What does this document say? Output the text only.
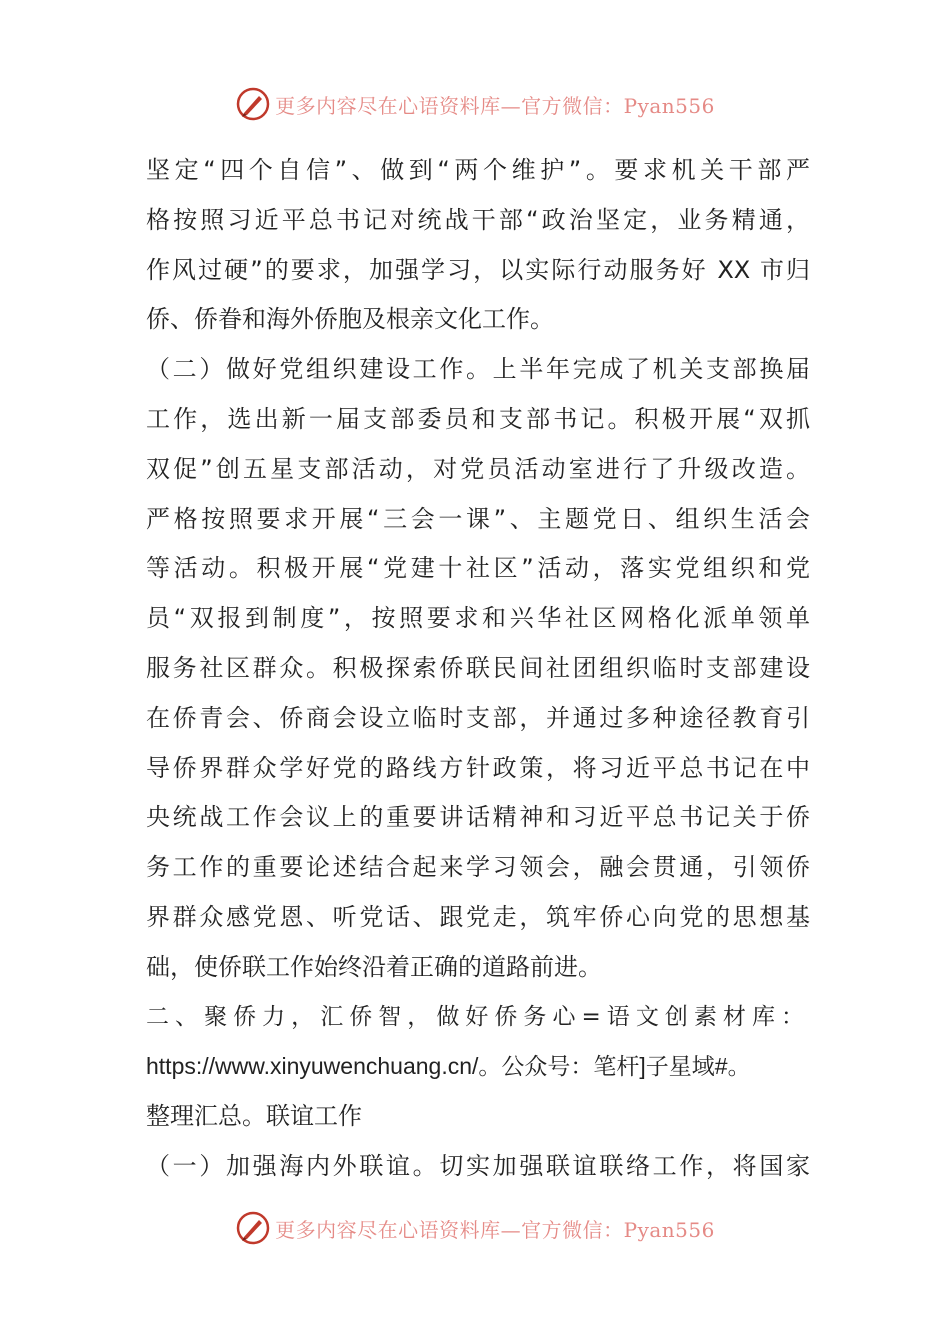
更多内容尽在心语资料库—官方微信：Pyan556
坚定“四个自信”、做到“两个维护”。要求机关干部严
格按照习近平总书记对统战干部“政治坚定，业务精通，
作风过硬”的要求，加强学习，以实际行动服务好 XX 市归
侨、侨眷和海外侨胞及根亲文化工作。
（二）做好党组织建设工作。上半年完成了机关支部换届
工作，选出新一届支部委员和支部书记。积极开展“双抓
双促”创五星支部活动，对党员活动室进行了升级改造。
严格按照要求开展“三会一课”、主题党日、组织生活会
等活动。积极开展“党建十社区”活动，落实党组织和党
员“双报到制度”，按照要求和兴华社区网格化派单领单
服务社区群众。积极探索侨联民间社团组织临时支部建设
在侨青会、侨商会设立临时支部，并通过多种途径教育引
导侨界群众学好党的路线方针政策，将习近平总书记在中
央统战工作会议上的重要讲话精神和习近平总书记关于侨
务工作的重要论述结合起来学习领会，融会贯通，引领侨
界群众感党恩、听党话、跟党走，筑牢侨心向党的思想基
础，使侨联工作始终沿着正确的道路前进。
二、聚侨力，汇侨智，做好侨务心=语文创素材库：
https://www.xinyuwenchuang.cn/。公众号：笔杆]子星域#。
整理汇总。联谊工作
（一）加强海内外联谊。切实加强联谊联络工作，将国家
更多内容尽在心语资料库—官方微信：Pyan556
